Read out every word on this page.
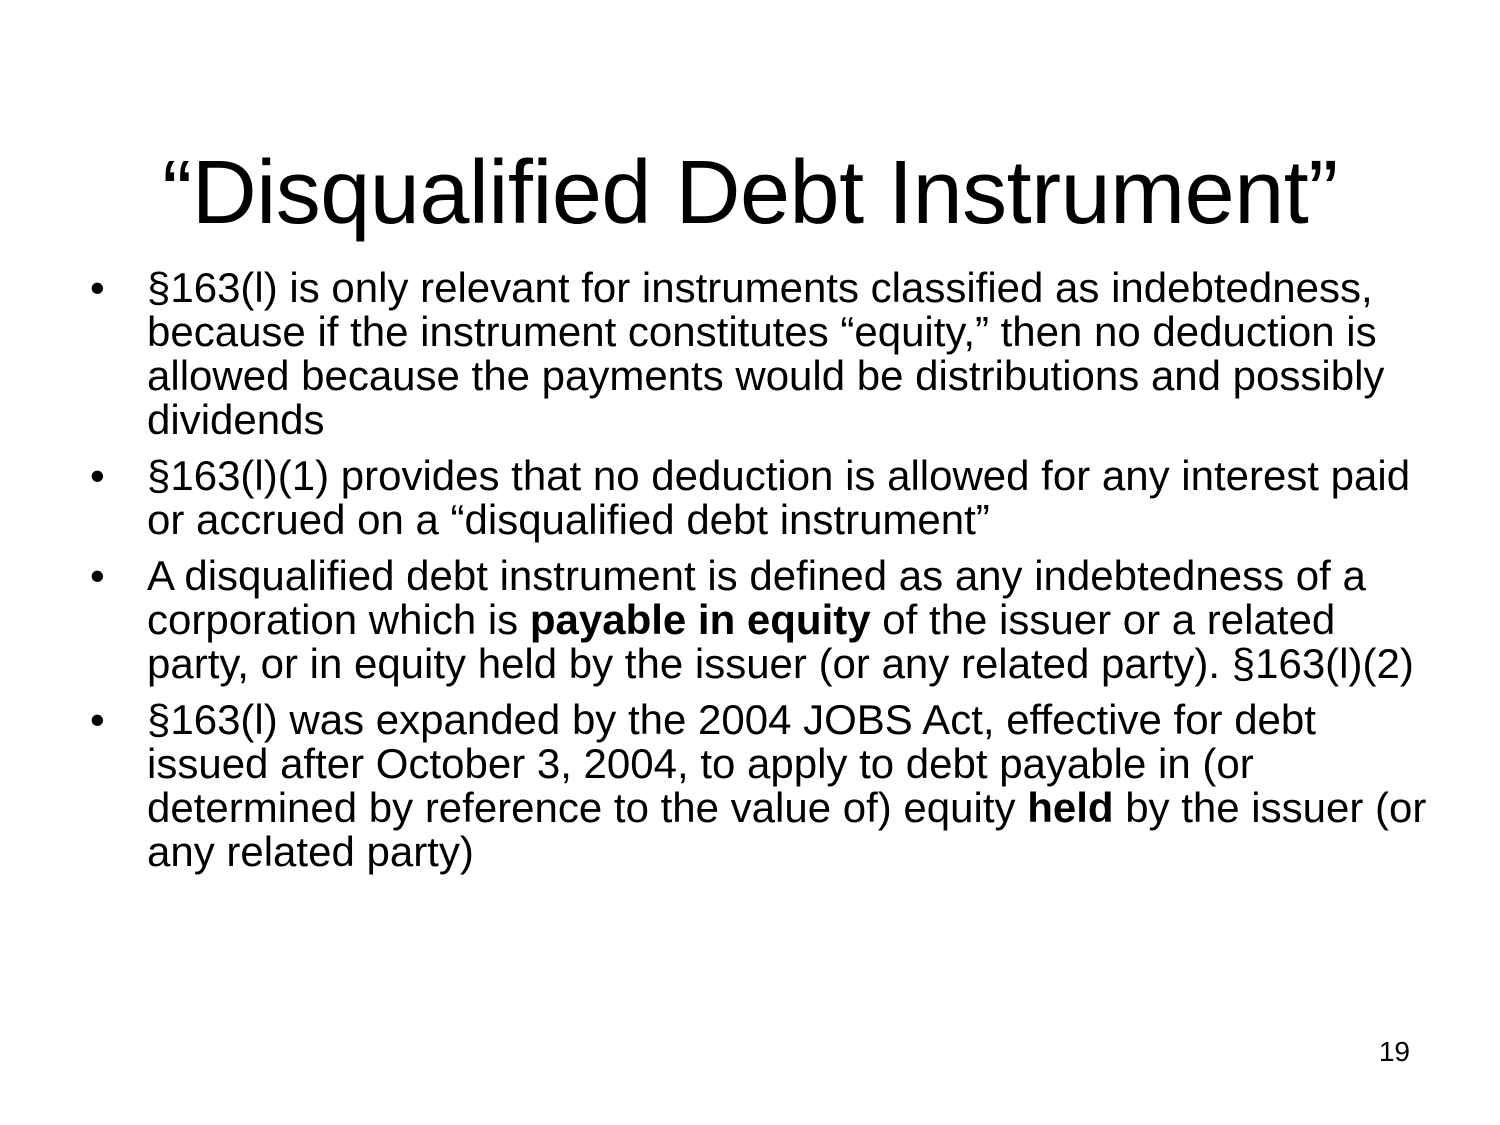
“Disqualified Debt Instrument”
•	§163(l) is only relevant for instruments classified as indebtedness, because if the instrument constitutes “equity,” then no deduction is allowed because the payments would be distributions and possibly dividends
•	§163(l)(1) provides that no deduction is allowed for any interest paid or accrued on a “disqualified debt instrument”
•	A disqualified debt instrument is defined as any indebtedness of a corporation which is payable in equity of the issuer or a related party, or in equity held by the issuer (or any related party). §163(l)(2)
•	§163(l) was expanded by the 2004 JOBS Act, effective for debt issued after October 3, 2004, to apply to debt payable in (or determined by reference to the value of) equity held by the issuer (or any related party)
19
